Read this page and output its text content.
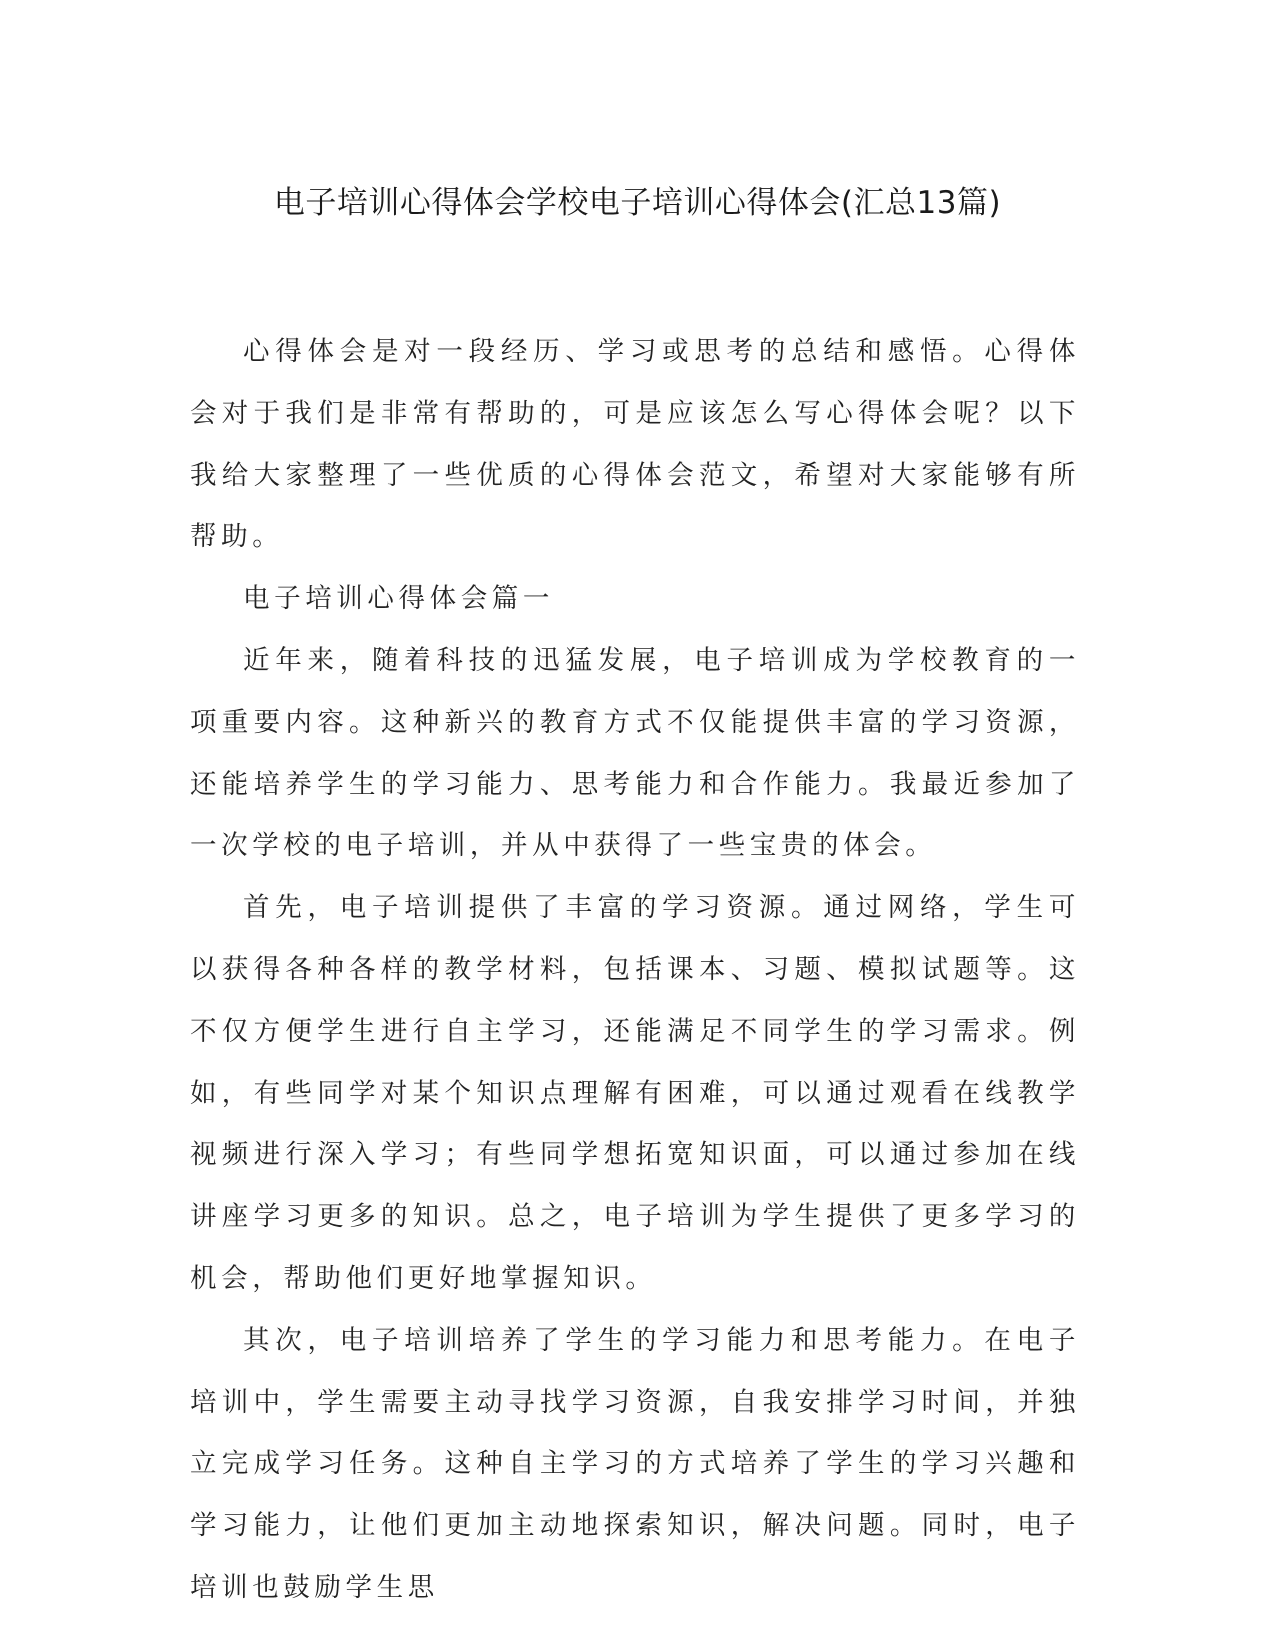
电子培训心得体会学校电子培训心得体会(汇总13篇)

心得体会是对一段经历、学习或思考的总结和感悟。心得体会对于我们是非常有帮助的，可是应该怎么写心得体会呢？以下我给大家整理了一些优质的心得体会范文，希望对大家能够有所帮助。

电子培训心得体会篇一

近年来，随着科技的迅猛发展，电子培训成为学校教育的一项重要内容。这种新兴的教育方式不仅能提供丰富的学习资源，还能培养学生的学习能力、思考能力和合作能力。我最近参加了一次学校的电子培训，并从中获得了一些宝贵的体会。

首先，电子培训提供了丰富的学习资源。通过网络，学生可以获得各种各样的教学材料，包括课本、习题、模拟试题等。这不仅方便学生进行自主学习，还能满足不同学生的学习需求。例如，有些同学对某个知识点理解有困难，可以通过观看在线教学视频进行深入学习；有些同学想拓宽知识面，可以通过参加在线讲座学习更多的知识。总之，电子培训为学生提供了更多学习的机会，帮助他们更好地掌握知识。

其次，电子培训培养了学生的学习能力和思考能力。在电子培训中，学生需要主动寻找学习资源，自我安排学习时间，并独立完成学习任务。这种自主学习的方式培养了学生的学习兴趣和学习能力，让他们更加主动地探索知识，解决问题。同时，电子培训也鼓励学生思
